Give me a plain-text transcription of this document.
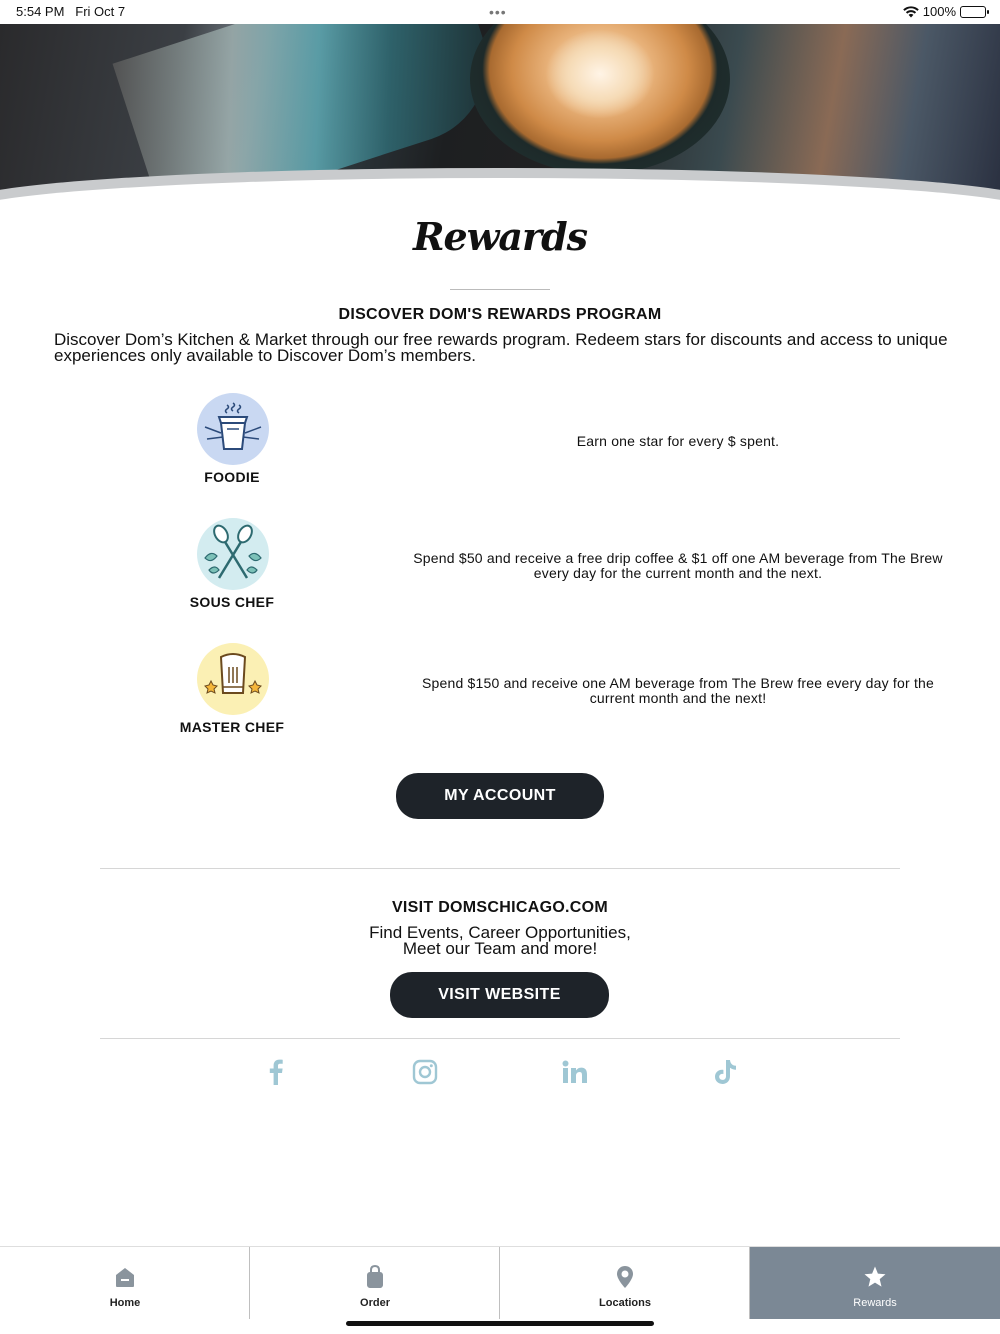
5:54 PM Fri Oct 7	•••	100%
Rewards
DISCOVER DOM'S REWARDS PROGRAM
Discover Dom’s Kitchen & Market through our free rewards program. Redeem stars for discounts and access to unique experiences only available to Discover Dom’s members.
FOODIE
Earn one star for every $ spent.
SOUS CHEF
Spend $50 and receive a free drip coffee & $1 off one AM beverage from The Brew every day for the current month and the next.
MASTER CHEF
Spend $150 and receive one AM beverage from The Brew free every day for the current month and the next!
MY ACCOUNT
VISIT DOMSCHICAGO.COM
Find Events, Career Opportunities,
Meet our Team and more!
VISIT WEBSITE
Home	Order	Locations	Rewards
